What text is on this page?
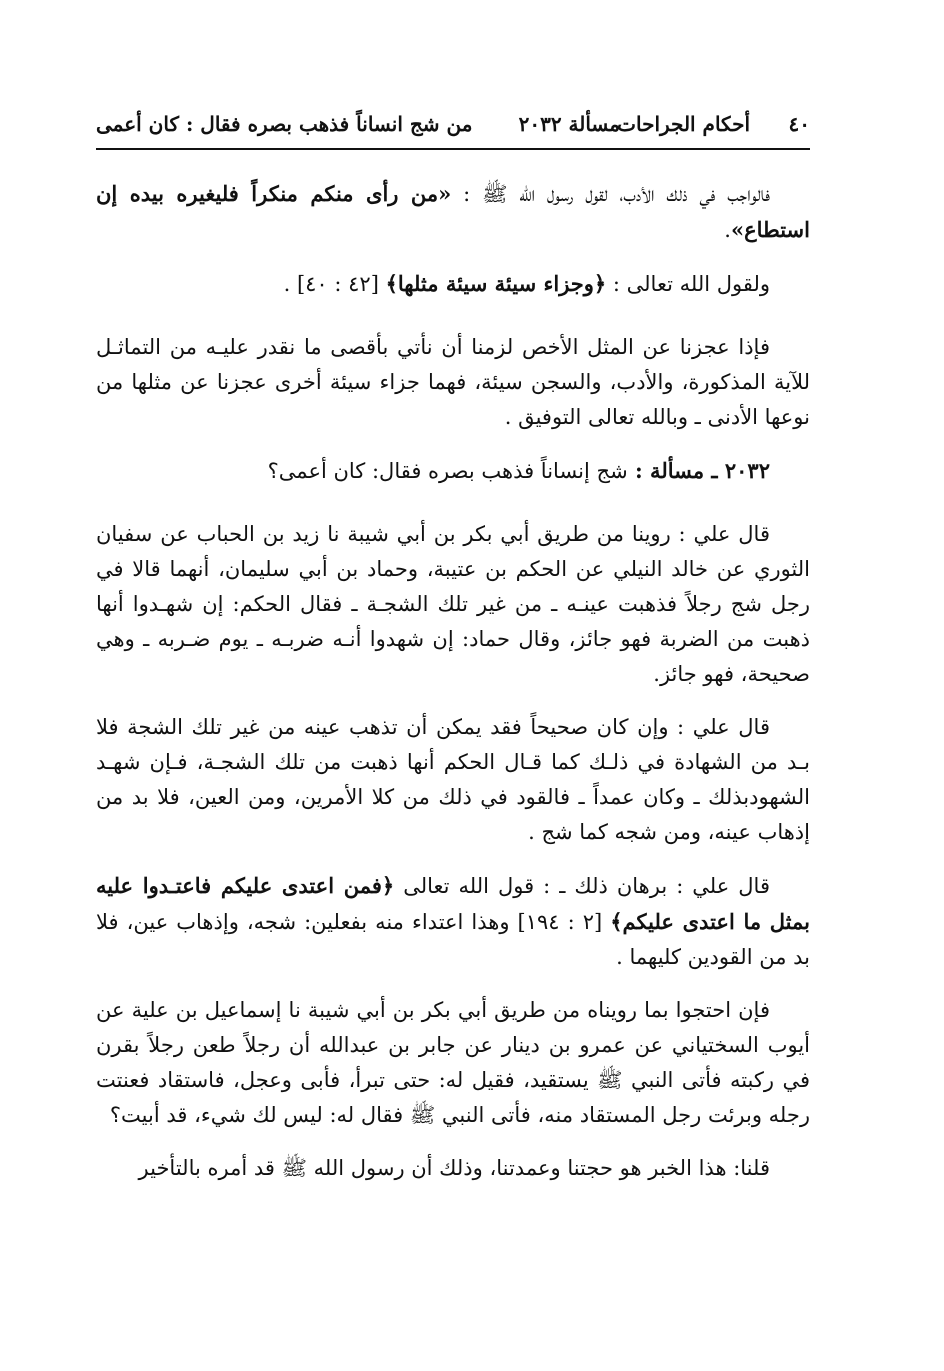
٤٠
أحكام الجراحات
مسألة ٢٠٣٢
من شج انساناً فذهب بصره فقال : كان أعمى

فالواجب في ذلك الأدب، لقول رسول الله ﷺ : «من رأى منكم منكراً فليغيره بيده إن استطاع».

ولقول الله تعالى : ﴿وجزاء سيئة سيئة مثلها﴾ [٤٢ : ٤٠] .

فإذا عجزنا عن المثل الأخص لزمنا أن نأتي بأقصى ما نقدر عليـه من التماثـل للآية المذكورة، والأدب، والسجن سيئة، فهما جزاء سيئة أخرى عجزنا عن مثلها من نوعها الأدنى ـ وبالله تعالى التوفيق .

٢٠٣٢ ـ مسألة : شج إنساناً فذهب بصره فقال: كان أعمى؟

قال علي : روينا من طريق أبي بكر بن أبي شيبة نا زيد بن الحباب عن سفيان الثوري عن خالد النيلي عن الحكم بن عتيبة، وحماد بن أبي سليمان، أنهما قالا في رجل شج رجلاً فذهبت عينـه ـ من غير تلك الشجـة ـ فقال الحكم: إن شهـدوا أنها ذهبت من الضربة فهو جائز، وقال حماد: إن شهدوا أنـه ضربـه ـ يوم ضـربه ـ وهي صحيحة، فهو جائز.

قال علي : وإن كان صحيحاً فقد يمكن أن تذهب عينه من غير تلك الشجة فلا بـد من الشهادة في ذلـك كما قـال الحكم أنها ذهبت من تلك الشجـة، فـإن شهـد الشهودبذلك ـ وكان عمداً ـ فالقود في ذلك من كلا الأمرين، ومن العين، فلا بد من إذهاب عينه، ومن شجه كما شج .

قال علي : برهان ذلك ـ : قول الله تعالى ﴿فمن اعتدى عليكم فاعتـدوا عليه بمثل ما اعتدى عليكم﴾ [٢ : ١٩٤] وهذا اعتداء منه بفعلين: شجه، وإذهاب عين، فلا بد من القودين كليهما .

فإن احتجوا بما رويناه من طريق أبي بكر بن أبي شيبة نا إسماعيل بن علية عن أيوب السختياني عن عمرو بن دينار عن جابر بن عبدالله أن رجلاً طعن رجلاً بقرن في ركبته فأتى النبي ﷺ يستقيد، فقيل له: حتى تبرأ، فأبى وعجل، فاستقاد فعنتت رجله وبرئت رجل المستقاد منه، فأتى النبي ﷺ فقال له: ليس لك شيء، قد أبيت؟

قلنا: هذا الخبر هو حجتنا وعمدتنا، وذلك أن رسول الله ﷺ قد أمره بالتأخير
